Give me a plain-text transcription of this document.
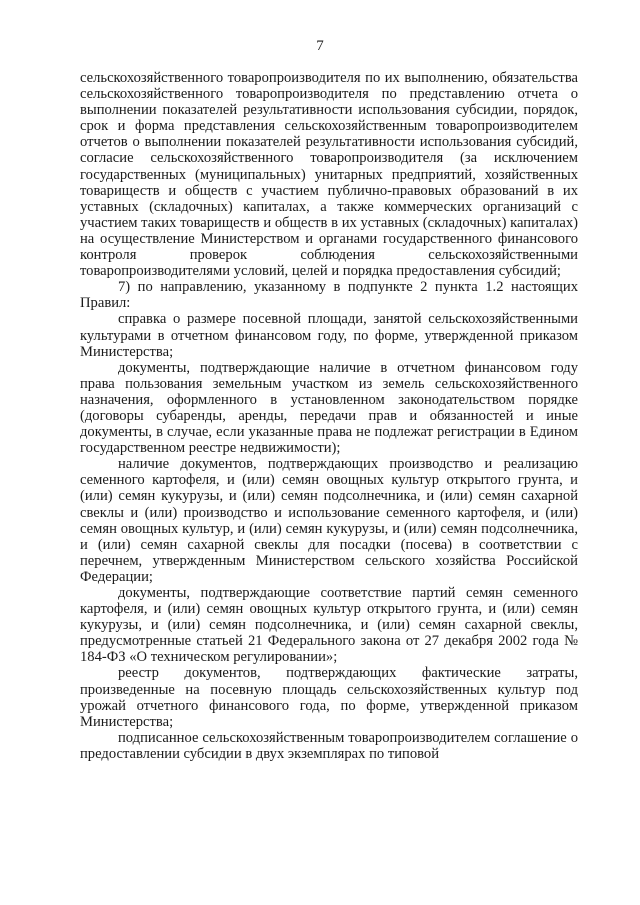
7

сельскохозяйственного товаропроизводителя по их выполнению, обязательства сельскохозяйственного товаропроизводителя по представлению отчета о выполнении показателей результативности использования субсидии, порядок, срок и форма представления сельскохозяйственным товаропроизводителем отчетов о выполнении показателей результативности использования субсидий, согласие сельскохозяйственного товаропроизводителя (за исключением государственных (муниципальных) унитарных предприятий, хозяйственных товариществ и обществ с участием публично-правовых образований в их уставных (складочных) капиталах, а также коммерческих организаций с участием таких товариществ и обществ в их уставных (складочных) капиталах) на осуществление Министерством и органами государственного финансового контроля проверок соблюдения сельскохозяйственными товаропроизводителями условий, целей и порядка предоставления субсидий;

7) по направлению, указанному в подпункте 2 пункта 1.2 настоящих Правил:

справка о размере посевной площади, занятой сельскохозяйственными культурами в отчетном финансовом году, по форме, утвержденной приказом Министерства;

документы, подтверждающие наличие в отчетном финансовом году права пользования земельным участком из земель сельскохозяйственного назначения, оформленного в установленном законодательством порядке (договоры субаренды, аренды, передачи прав и обязанностей и иные документы, в случае, если указанные права не подлежат регистрации в Едином государственном реестре недвижимости);

наличие документов, подтверждающих производство и реализацию семенного картофеля, и (или) семян овощных культур открытого грунта, и (или) семян кукурузы, и (или) семян подсолнечника, и (или) семян сахарной свеклы и (или) производство и использование семенного картофеля, и (или) семян овощных культур, и (или) семян кукурузы, и (или) семян подсолнечника, и (или) семян сахарной свеклы для посадки (посева) в соответствии с перечнем, утвержденным Министерством сельского хозяйства Российской Федерации;

документы, подтверждающие соответствие партий семян семенного картофеля, и (или) семян овощных культур открытого грунта, и (или) семян кукурузы, и (или) семян подсолнечника, и (или) семян сахарной свеклы, предусмотренные статьей 21 Федерального закона от 27 декабря 2002 года № 184-ФЗ «О техническом регулировании»;

реестр документов, подтверждающих фактические затраты, произведенные на посевную площадь сельскохозяйственных культур под урожай отчетного финансового года, по форме, утвержденной приказом Министерства;

подписанное сельскохозяйственным товаропроизводителем соглашение о предоставлении субсидии в двух экземплярах по типовой
